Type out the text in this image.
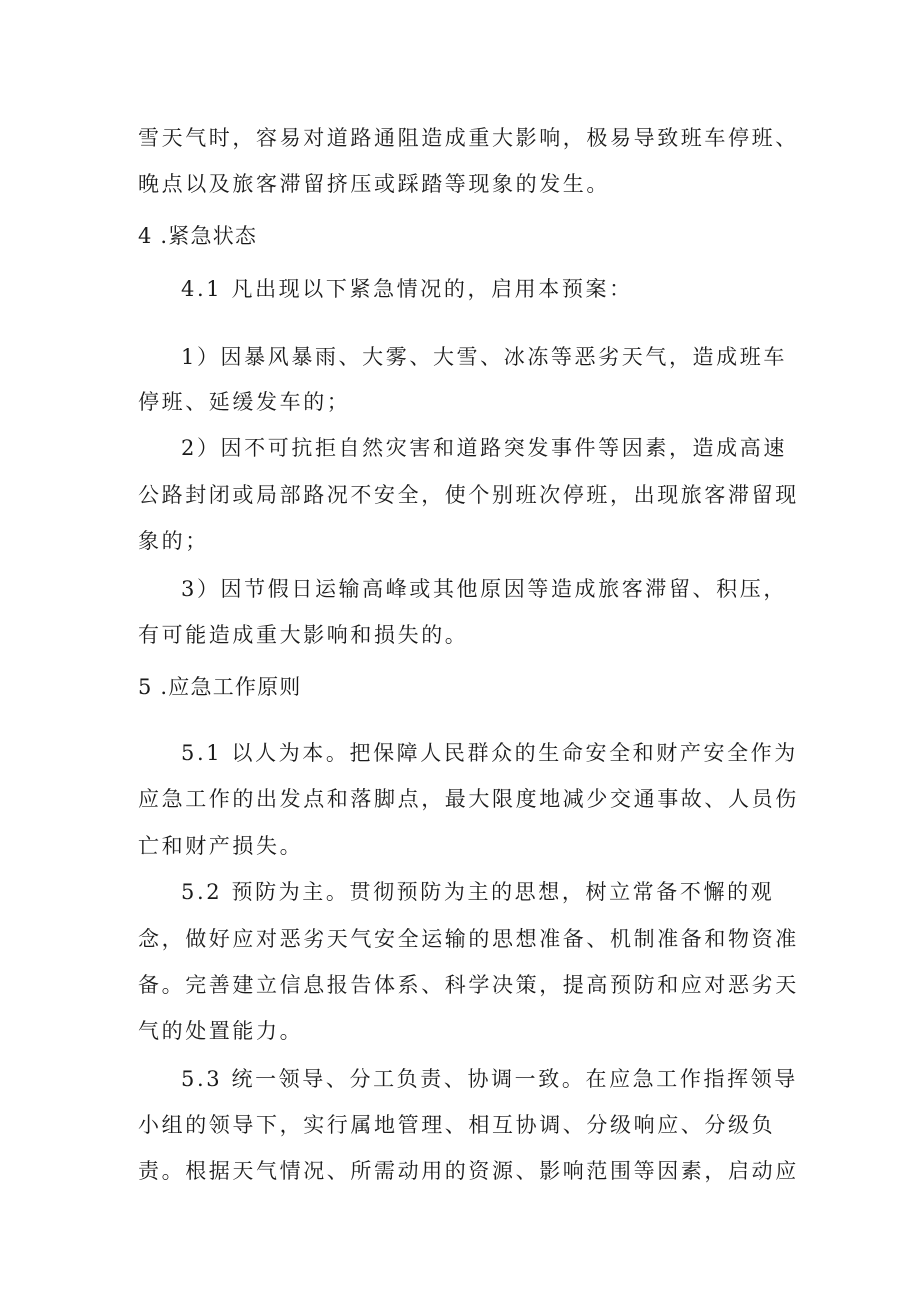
雪天气时，容易对道路通阻造成重大影响，极易导致班车停班、
晚点以及旅客滞留挤压或踩踏等现象的发生。
4 .紧急状态
4.1 凡出现以下紧急情况的，启用本预案：
1）因暴风暴雨、大雾、大雪、冰冻等恶劣天气，造成班车
停班、延缓发车的；
2）因不可抗拒自然灾害和道路突发事件等因素，造成高速
公路封闭或局部路况不安全，使个别班次停班，出现旅客滞留现
象的；
3）因节假日运输高峰或其他原因等造成旅客滞留、积压，
有可能造成重大影响和损失的。
5 .应急工作原则
5.1 以人为本。把保障人民群众的生命安全和财产安全作为
应急工作的出发点和落脚点，最大限度地减少交通事故、人员伤
亡和财产损失。
5.2 预防为主。贯彻预防为主的思想，树立常备不懈的观
念，做好应对恶劣天气安全运输的思想准备、机制准备和物资准
备。完善建立信息报告体系、科学决策，提高预防和应对恶劣天
气的处置能力。
5.3 统一领导、分工负责、协调一致。在应急工作指挥领导
小组的领导下，实行属地管理、相互协调、分级响应、分级负
责。根据天气情况、所需动用的资源、影响范围等因素，启动应
